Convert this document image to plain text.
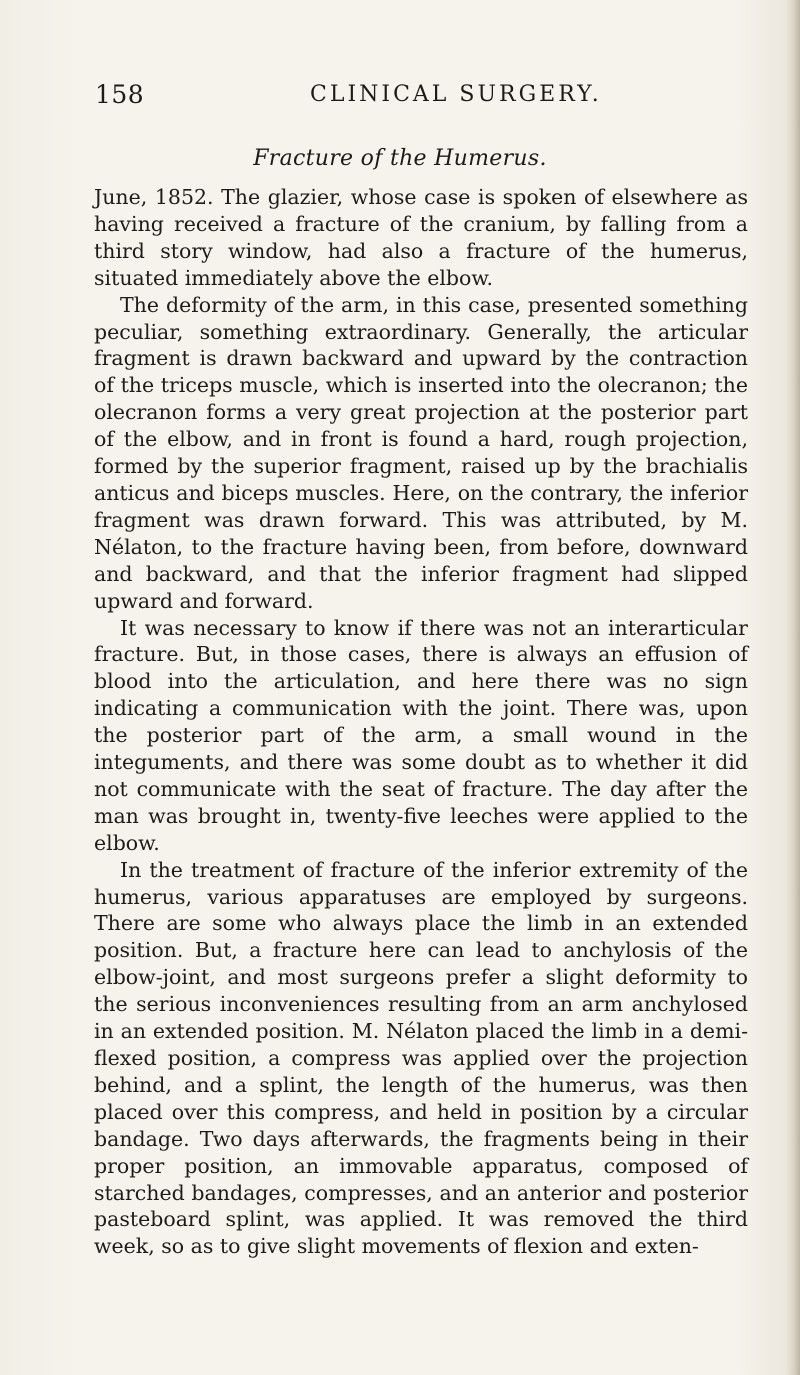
158	CLINICAL SURGERY.
Fracture of the Humerus.

June, 1852. The glazier, whose case is spoken of elsewhere as having received a fracture of the cranium, by falling from a third story window, had also a fracture of the humerus, situated immediately above the elbow.

The deformity of the arm, in this case, presented something peculiar, something extraordinary. Generally, the articular fragment is drawn backward and upward by the contraction of the triceps muscle, which is inserted into the olecranon; the olecranon forms a very great projection at the posterior part of the elbow, and in front is found a hard, rough projection, formed by the superior fragment, raised up by the brachialis anticus and biceps muscles. Here, on the contrary, the inferior fragment was drawn forward. This was attributed, by M. Nélaton, to the fracture having been, from before, downward and backward, and that the inferior fragment had slipped upward and forward.

It was necessary to know if there was not an interarticular fracture. But, in those cases, there is always an effusion of blood into the articulation, and here there was no sign indicating a communication with the joint. There was, upon the posterior part of the arm, a small wound in the integuments, and there was some doubt as to whether it did not communicate with the seat of fracture. The day after the man was brought in, twenty-five leeches were applied to the elbow.

In the treatment of fracture of the inferior extremity of the humerus, various apparatuses are employed by surgeons. There are some who always place the limb in an extended position. But, a fracture here can lead to anchylosis of the elbow-joint, and most surgeons prefer a slight deformity to the serious inconveniences resulting from an arm anchylosed in an extended position. M. Nélaton placed the limb in a demi-flexed position, a compress was applied over the projection behind, and a splint, the length of the humerus, was then placed over this compress, and held in position by a circular bandage. Two days afterwards, the fragments being in their proper position, an immovable apparatus, composed of starched bandages, compresses, and an anterior and posterior pasteboard splint, was applied. It was removed the third week, so as to give slight movements of flexion and exten-
